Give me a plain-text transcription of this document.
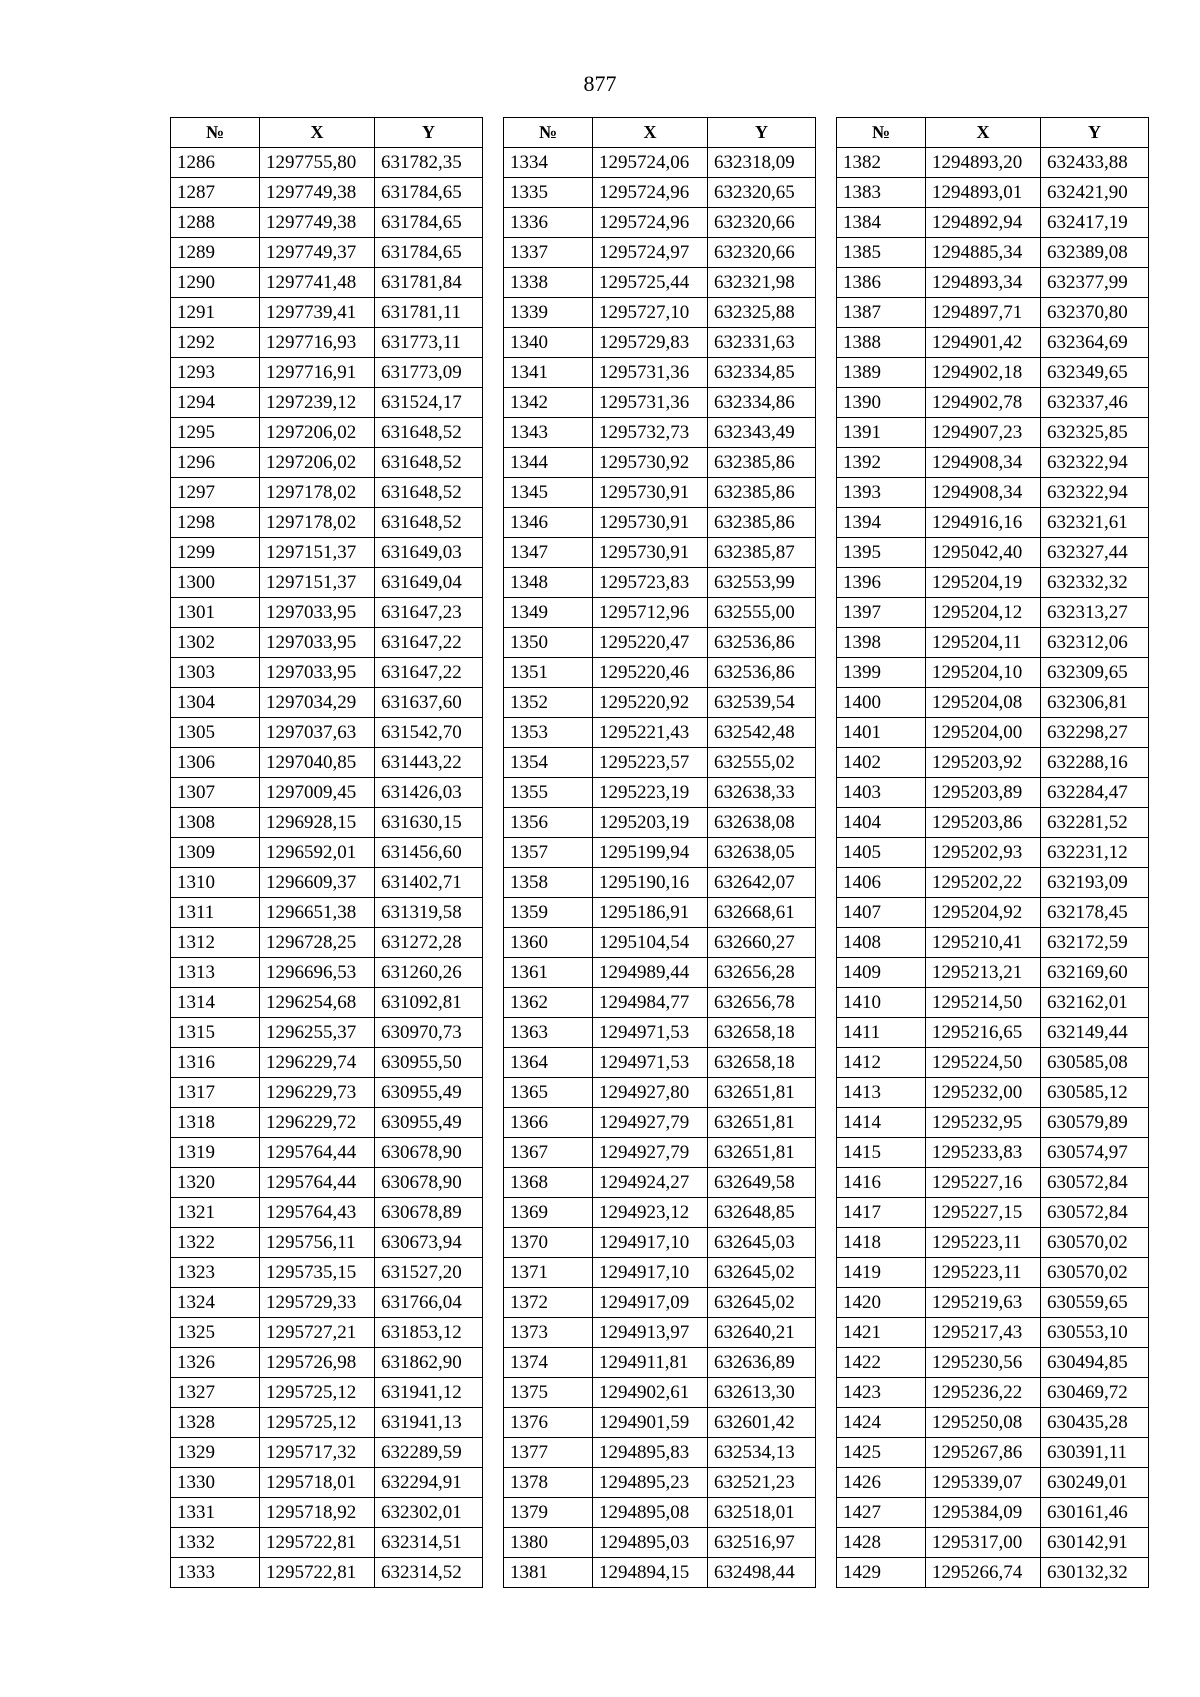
877
№	X	Y
1286	1297755,80	631782,35
1287	1297749,38	631784,65
1288	1297749,38	631784,65
1289	1297749,37	631784,65
1290	1297741,48	631781,84
1291	1297739,41	631781,11
1292	1297716,93	631773,11
1293	1297716,91	631773,09
1294	1297239,12	631524,17
1295	1297206,02	631648,52
1296	1297206,02	631648,52
1297	1297178,02	631648,52
1298	1297178,02	631648,52
1299	1297151,37	631649,03
1300	1297151,37	631649,04
1301	1297033,95	631647,23
1302	1297033,95	631647,22
1303	1297033,95	631647,22
1304	1297034,29	631637,60
1305	1297037,63	631542,70
1306	1297040,85	631443,22
1307	1297009,45	631426,03
1308	1296928,15	631630,15
1309	1296592,01	631456,60
1310	1296609,37	631402,71
1311	1296651,38	631319,58
1312	1296728,25	631272,28
1313	1296696,53	631260,26
1314	1296254,68	631092,81
1315	1296255,37	630970,73
1316	1296229,74	630955,50
1317	1296229,73	630955,49
1318	1296229,72	630955,49
1319	1295764,44	630678,90
1320	1295764,44	630678,90
1321	1295764,43	630678,89
1322	1295756,11	630673,94
1323	1295735,15	631527,20
1324	1295729,33	631766,04
1325	1295727,21	631853,12
1326	1295726,98	631862,90
1327	1295725,12	631941,12
1328	1295725,12	631941,13
1329	1295717,32	632289,59
1330	1295718,01	632294,91
1331	1295718,92	632302,01
1332	1295722,81	632314,51
1333	1295722,81	632314,52
№	X	Y
1334	1295724,06	632318,09
1335	1295724,96	632320,65
1336	1295724,96	632320,66
1337	1295724,97	632320,66
1338	1295725,44	632321,98
1339	1295727,10	632325,88
1340	1295729,83	632331,63
1341	1295731,36	632334,85
1342	1295731,36	632334,86
1343	1295732,73	632343,49
1344	1295730,92	632385,86
1345	1295730,91	632385,86
1346	1295730,91	632385,86
1347	1295730,91	632385,87
1348	1295723,83	632553,99
1349	1295712,96	632555,00
1350	1295220,47	632536,86
1351	1295220,46	632536,86
1352	1295220,92	632539,54
1353	1295221,43	632542,48
1354	1295223,57	632555,02
1355	1295223,19	632638,33
1356	1295203,19	632638,08
1357	1295199,94	632638,05
1358	1295190,16	632642,07
1359	1295186,91	632668,61
1360	1295104,54	632660,27
1361	1294989,44	632656,28
1362	1294984,77	632656,78
1363	1294971,53	632658,18
1364	1294971,53	632658,18
1365	1294927,80	632651,81
1366	1294927,79	632651,81
1367	1294927,79	632651,81
1368	1294924,27	632649,58
1369	1294923,12	632648,85
1370	1294917,10	632645,03
1371	1294917,10	632645,02
1372	1294917,09	632645,02
1373	1294913,97	632640,21
1374	1294911,81	632636,89
1375	1294902,61	632613,30
1376	1294901,59	632601,42
1377	1294895,83	632534,13
1378	1294895,23	632521,23
1379	1294895,08	632518,01
1380	1294895,03	632516,97
1381	1294894,15	632498,44
№	X	Y
1382	1294893,20	632433,88
1383	1294893,01	632421,90
1384	1294892,94	632417,19
1385	1294885,34	632389,08
1386	1294893,34	632377,99
1387	1294897,71	632370,80
1388	1294901,42	632364,69
1389	1294902,18	632349,65
1390	1294902,78	632337,46
1391	1294907,23	632325,85
1392	1294908,34	632322,94
1393	1294908,34	632322,94
1394	1294916,16	632321,61
1395	1295042,40	632327,44
1396	1295204,19	632332,32
1397	1295204,12	632313,27
1398	1295204,11	632312,06
1399	1295204,10	632309,65
1400	1295204,08	632306,81
1401	1295204,00	632298,27
1402	1295203,92	632288,16
1403	1295203,89	632284,47
1404	1295203,86	632281,52
1405	1295202,93	632231,12
1406	1295202,22	632193,09
1407	1295204,92	632178,45
1408	1295210,41	632172,59
1409	1295213,21	632169,60
1410	1295214,50	632162,01
1411	1295216,65	632149,44
1412	1295224,50	630585,08
1413	1295232,00	630585,12
1414	1295232,95	630579,89
1415	1295233,83	630574,97
1416	1295227,16	630572,84
1417	1295227,15	630572,84
1418	1295223,11	630570,02
1419	1295223,11	630570,02
1420	1295219,63	630559,65
1421	1295217,43	630553,10
1422	1295230,56	630494,85
1423	1295236,22	630469,72
1424	1295250,08	630435,28
1425	1295267,86	630391,11
1426	1295339,07	630249,01
1427	1295384,09	630161,46
1428	1295317,00	630142,91
1429	1295266,74	630132,32
